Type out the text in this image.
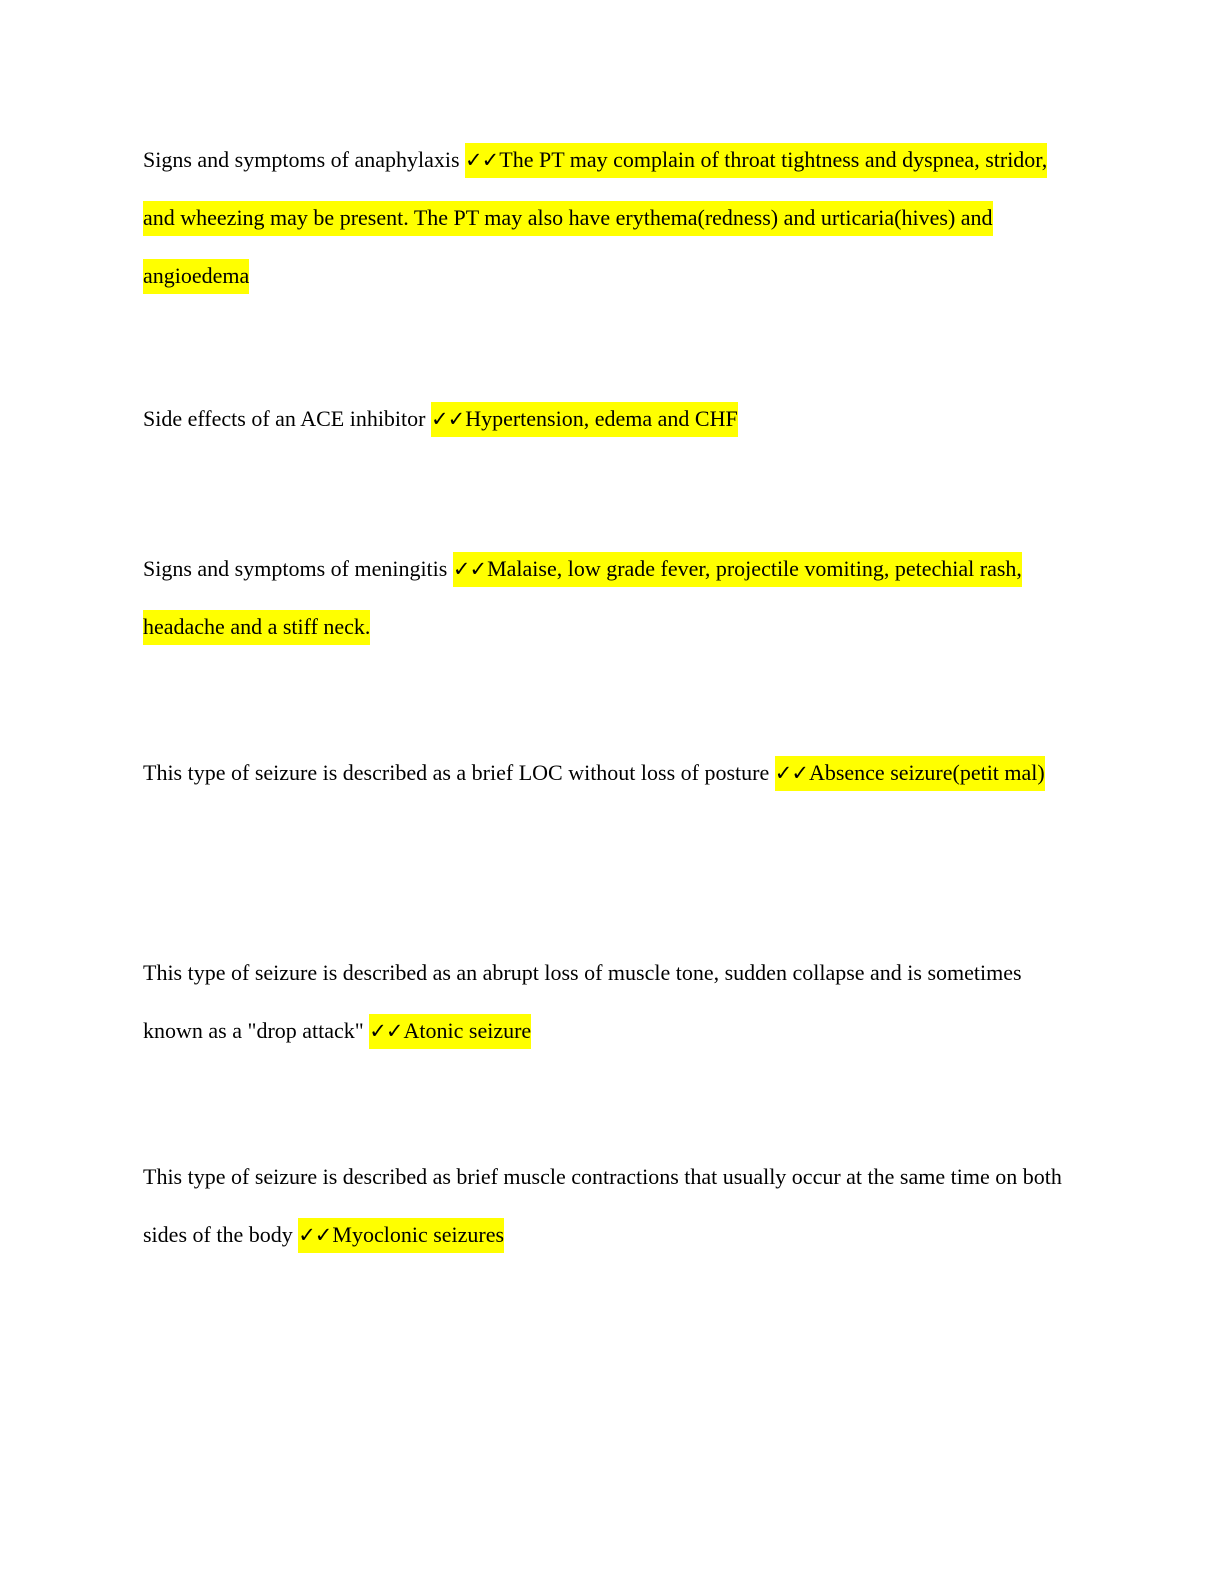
Signs and symptoms of anaphylaxis ✓✓The PT may complain of throat tightness and dyspnea, stridor, and wheezing may be present. The PT may also have erythema(redness) and urticaria(hives) and angioedema

Side effects of an ACE inhibitor ✓✓Hypertension, edema and CHF

Signs and symptoms of meningitis ✓✓Malaise, low grade fever, projectile vomiting, petechial rash, headache and a stiff neck.

This type of seizure is described as a brief LOC without loss of posture ✓✓Absence seizure(petit mal)

This type of seizure is described as an abrupt loss of muscle tone, sudden collapse and is sometimes known as a "drop attack" ✓✓Atonic seizure

This type of seizure is described as brief muscle contractions that usually occur at the same time on both sides of the body ✓✓Myoclonic seizures
